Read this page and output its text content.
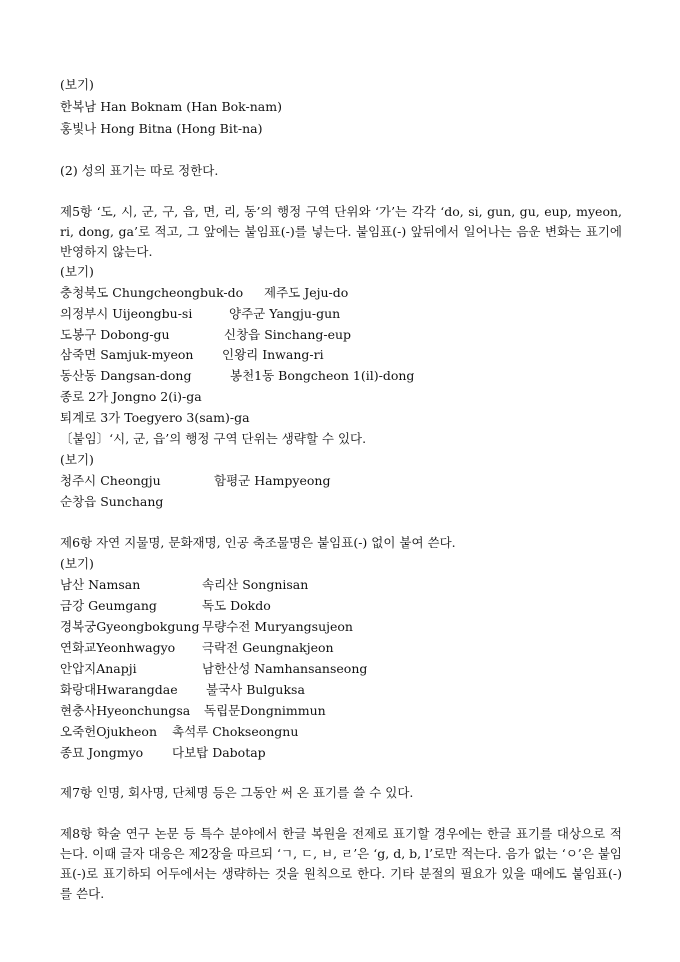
(보기)
한복남 Han Boknam (Han Bok-nam)
홍빛나 Hong Bitna (Hong Bit-na)
(2) 성의 표기는 따로 정한다.
제5항 ‘도, 시, 군, 구, 읍, 면, 리, 동’의 행정 구역 단위와 ‘가’는 각각 ‘do, si, gun, gu, eup, myeon, ri, dong, ga’로 적고, 그 앞에는 붙임표(-)를 넣는다. 붙임표(-) 앞뒤에서 일어나는 음운 변화는 표기에 반영하지 않는다.
(보기)
충청북도 Chungcheongbuk-do 제주도 Jeju-do
의정부시 Uijeongbu-si	양주군 Yangju-gun
도봉구 Dobong-gu	신창읍 Sinchang-eup
삼죽면 Samjuk-myeon 인왕리 Inwang-ri
동산동 Dangsan-dong	봉천1동 Bongcheon 1(il)-dong
종로 2가 Jongno 2(i)-ga
퇴계로 3가 Toegyero 3(sam)-ga
〔붙임〕‘시, 군, 읍’의 행정 구역 단위는 생략할 수 있다.
(보기)
청주시 Cheongju	함평군 Hampyeong
순창읍 Sunchang
제6항 자연 지물명, 문화재명, 인공 축조물명은 붙임표(-) 없이 붙여 쓴다.
(보기)
남산 Namsan	속리산 Songnisan
금강 Geumgang	독도 Dokdo
경복궁Gyeongbokgung 무량수전 Muryangsujeon
연화교Yeonhwagyo 극락전 Geungnakjeon
안압지Anapji	남한산성 Namhansanseong
화랑대Hwarangdae 불국사 Bulguksa
현충사Hyeonchungsa 독립문Dongnimmun
오죽헌Ojukheon 촉석루 Chokseongnu
종묘 Jongmyo 다보탑 Dabotap
제7항 인명, 회사명, 단체명 등은 그동안 써 온 표기를 쓸 수 있다.
제8항 학술 연구 논문 등 특수 분야에서 한글 복원을 전제로 표기할 경우에는 한글 표기를 대상으로 적는다. 이때 글자 대응은 제2장을 따르되 ‘ㄱ, ㄷ, ㅂ, ㄹ’은 ‘g, d, b, l’로만 적는다. 음가 없는 ‘ㅇ’은 붙임표(-)로 표기하되 어두에서는 생략하는 것을 원칙으로 한다. 기타 분절의 필요가 있을 때에도 붙임표(-)를 쓴다.
